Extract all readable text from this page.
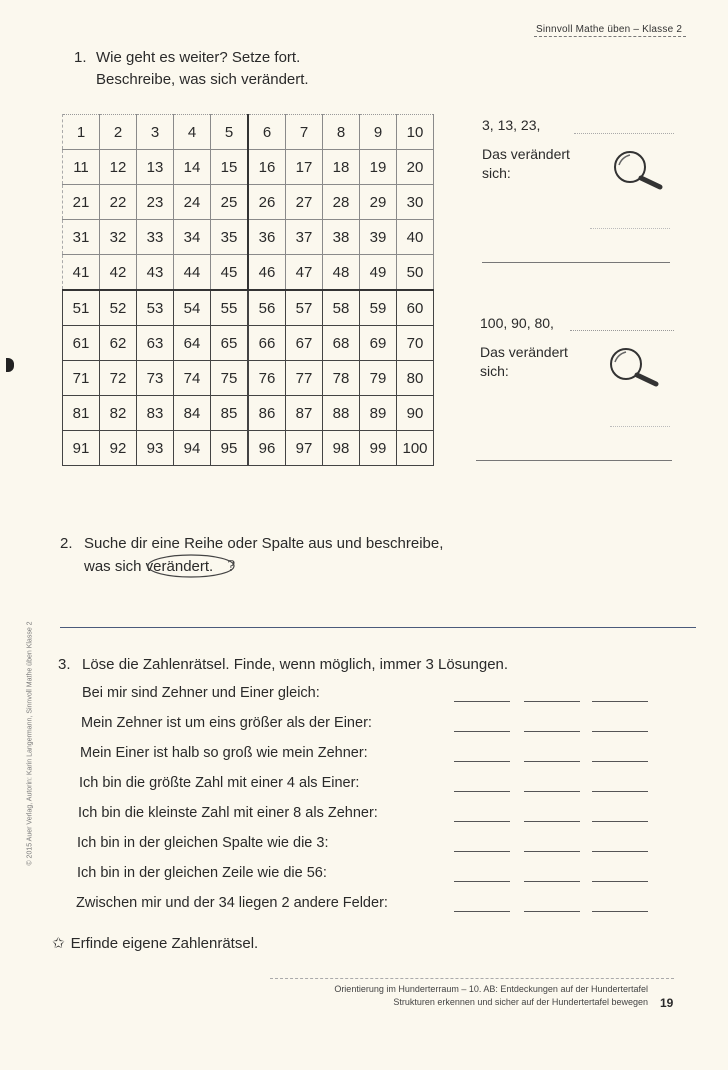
Sinnvoll Mathe üben – Klasse 2
1. Wie geht es weiter? Setze fort.
Beschreibe, was sich verändert.
1	2	3	4	5	6	7	8	9	10
11	12	13	14	15	16	17	18	19	20
21	22	23	24	25	26	27	28	29	30
31	32	33	34	35	36	37	38	39	40
41	42	43	44	45	46	47	48	49	50
51	52	53	54	55	56	57	58	59	60
61	62	63	64	65	66	67	68	69	70
71	72	73	74	75	76	77	78	79	80
81	82	83	84	85	86	87	88	89	90
91	92	93	94	95	96	97	98	99	100
3, 13, 23,
Das verändert
sich:
100, 90, 80,
Das verändert
sich:
2. Suche dir eine Reihe oder Spalte aus und beschreibe,
was sich verändert. ?
3. Löse die Zahlenrätsel. Finde, wenn möglich, immer 3 Lösungen.
Bei mir sind Zehner und Einer gleich:
Mein Zehner ist um eins größer als der Einer:
Mein Einer ist halb so groß wie mein Zehner:
Ich bin die größte Zahl mit einer 4 als Einer:
Ich bin die kleinste Zahl mit einer 8 als Zehner:
Ich bin in der gleichen Spalte wie die 3:
Ich bin in der gleichen Zeile wie die 56:
Zwischen mir und der 34 liegen 2 andere Felder:
✩ Erfinde eigene Zahlenrätsel.
Orientierung im Hunderterraum – 10. AB: Entdeckungen auf der Hundertertafel
Strukturen erkennen und sicher auf der Hundertertafel bewegen 19
© 2015 Auer Verlag, Autorin: Karin Langermann, Sinnvoll Mathe üben Klasse 2
